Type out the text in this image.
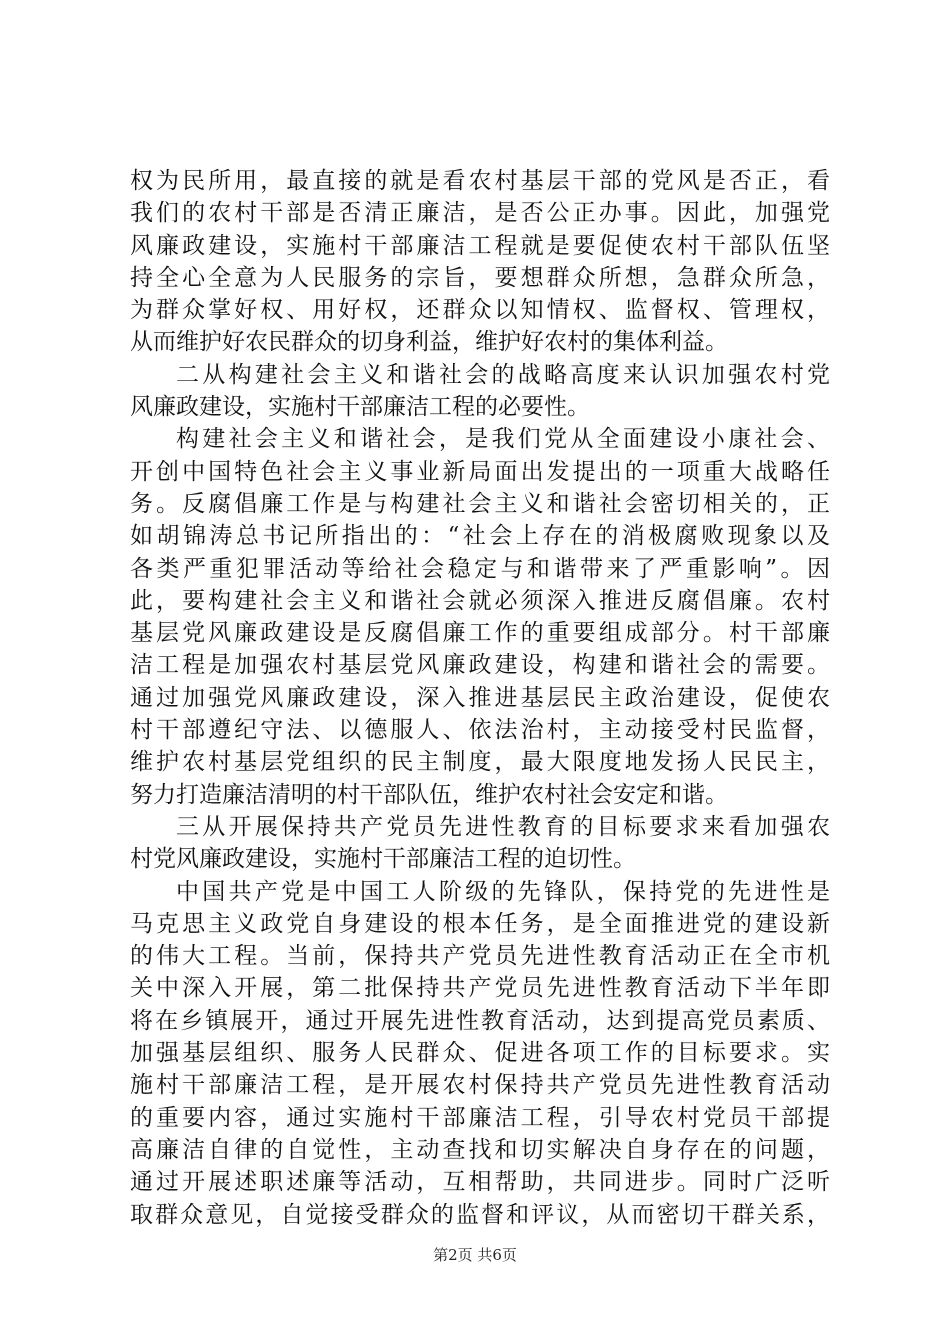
权为民所用，最直接的就是看农村基层干部的党风是否正，看
我们的农村干部是否清正廉洁，是否公正办事。因此，加强党
风廉政建设，实施村干部廉洁工程就是要促使农村干部队伍坚
持全心全意为人民服务的宗旨，要想群众所想，急群众所急，
为群众掌好权、用好权，还群众以知情权、监督权、管理权，
从而维护好农民群众的切身利益，维护好农村的集体利益。
二从构建社会主义和谐社会的战略高度来认识加强农村党
风廉政建设，实施村干部廉洁工程的必要性。
构建社会主义和谐社会，是我们党从全面建设小康社会、
开创中国特色社会主义事业新局面出发提出的一项重大战略任
务。反腐倡廉工作是与构建社会主义和谐社会密切相关的，正
如胡锦涛总书记所指出的：“社会上存在的消极腐败现象以及
各类严重犯罪活动等给社会稳定与和谐带来了严重影响”。因
此，要构建社会主义和谐社会就必须深入推进反腐倡廉。农村
基层党风廉政建设是反腐倡廉工作的重要组成部分。村干部廉
洁工程是加强农村基层党风廉政建设，构建和谐社会的需要。
通过加强党风廉政建设，深入推进基层民主政治建设，促使农
村干部遵纪守法、以德服人、依法治村，主动接受村民监督，
维护农村基层党组织的民主制度，最大限度地发扬人民民主，
努力打造廉洁清明的村干部队伍，维护农村社会安定和谐。
三从开展保持共产党员先进性教育的目标要求来看加强农
村党风廉政建设，实施村干部廉洁工程的迫切性。
中国共产党是中国工人阶级的先锋队，保持党的先进性是
马克思主义政党自身建设的根本任务，是全面推进党的建设新
的伟大工程。当前，保持共产党员先进性教育活动正在全市机
关中深入开展，第二批保持共产党员先进性教育活动下半年即
将在乡镇展开，通过开展先进性教育活动，达到提高党员素质、
加强基层组织、服务人民群众、促进各项工作的目标要求。实
施村干部廉洁工程，是开展农村保持共产党员先进性教育活动
的重要内容，通过实施村干部廉洁工程，引导农村党员干部提
高廉洁自律的自觉性，主动查找和切实解决自身存在的问题，
通过开展述职述廉等活动，互相帮助，共同进步。同时广泛听
取群众意见，自觉接受群众的监督和评议，从而密切干群关系，
第2页 共6页
